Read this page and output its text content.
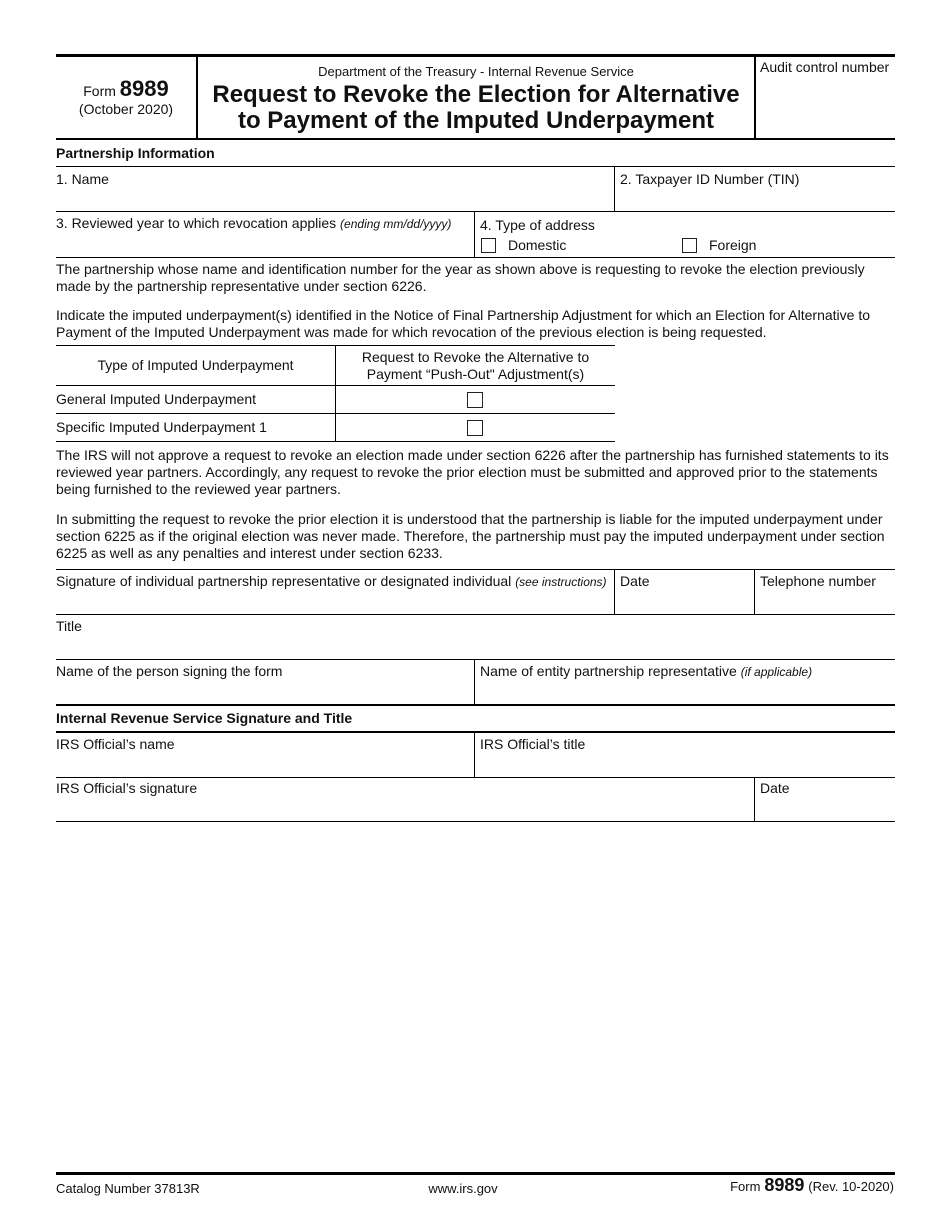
Form 8989
(October 2020)
Department of the Treasury - Internal Revenue Service
Request to Revoke the Election for Alternative
to Payment of the Imputed Underpayment
Audit control number
Partnership Information
1. Name	2. Taxpayer ID Number (TIN)
3. Reviewed year to which revocation applies (ending mm/dd/yyyy) 4. Type of address
Domestic	Foreign
The partnership whose name and identification number for the year as shown above is requesting to revoke the election previously made by the partnership representative under section 6226.
Indicate the imputed underpayment(s) identified in the Notice of Final Partnership Adjustment for which an Election for Alternative to Payment of the Imputed Underpayment was made for which revocation of the previous election is being requested.
Type of Imputed Underpayment	Request to Revoke the Alternative to
Payment “Push-Out" Adjustment(s)
General Imputed Underpayment
Specific Imputed Underpayment 1
The IRS will not approve a request to revoke an election made under section 6226 after the partnership has furnished statements to its reviewed year partners. Accordingly, any request to revoke the prior election must be submitted and approved prior to the statements being furnished to the reviewed year partners.
In submitting the request to revoke the prior election it is understood that the partnership is liable for the imputed underpayment under section 6225 as if the original election was never made. Therefore, the partnership must pay the imputed underpayment under section 6225 as well as any penalties and interest under section 6233.
Signature of individual partnership representative or designated individual (see instructions) Date	Telephone number
Title
Name of the person signing the form	Name of entity partnership representative (if applicable)
Internal Revenue Service Signature and Title
IRS Official’s name	IRS Official’s title
IRS Official’s signature	Date
Catalog Number 37813R	www.irs.gov	Form 8989 (Rev. 10-2020)
